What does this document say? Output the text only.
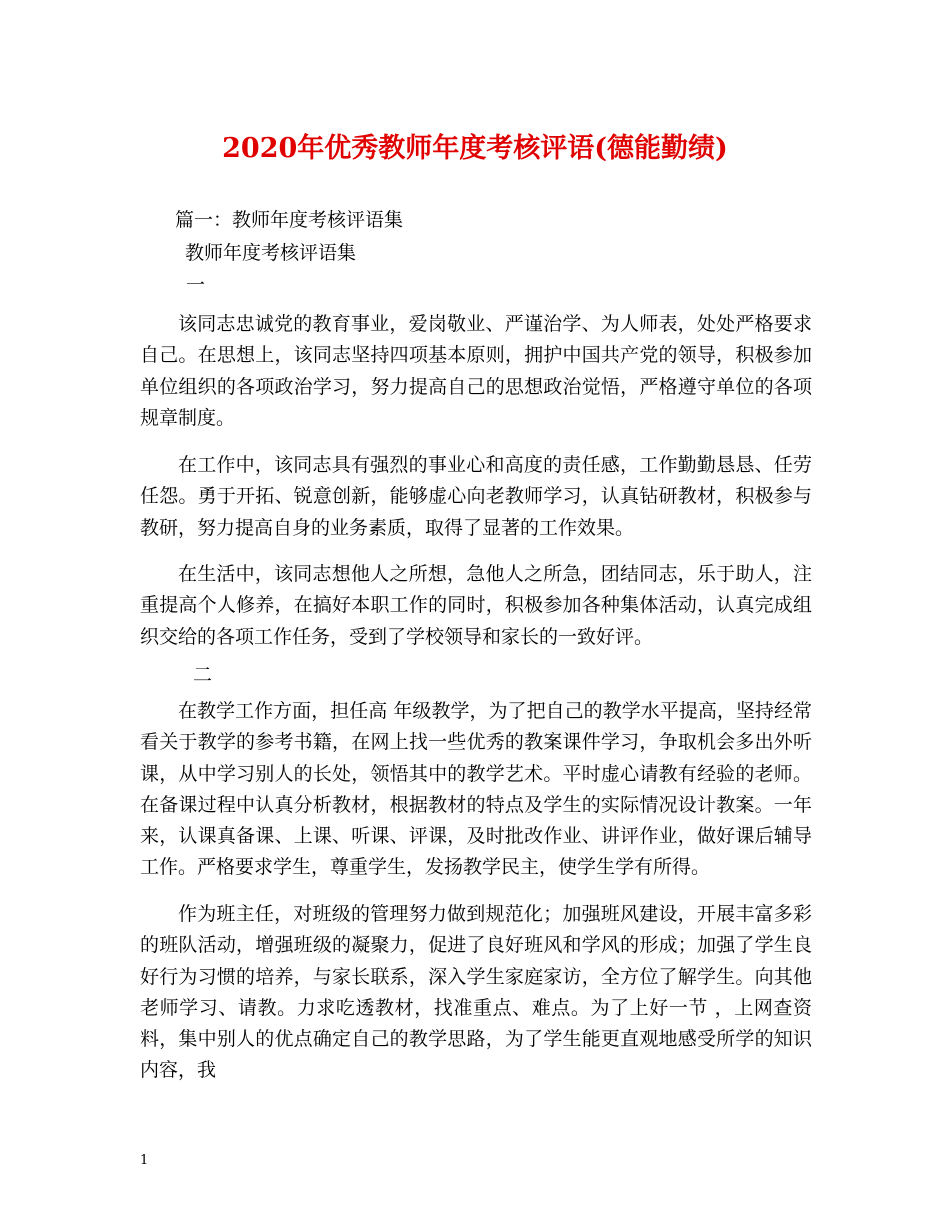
2020年优秀教师年度考核评语(德能勤绩)
篇一：教师年度考核评语集
教师年度考核评语集
一

该同志忠诚党的教育事业，爱岗敬业、严谨治学、为人师表，处处严格要求自己。在思想上，该同志坚持四项基本原则，拥护中国共产党的领导，积极参加单位组织的各项政治学习，努力提高自己的思想政治觉悟，严格遵守单位的各项规章制度。

在工作中，该同志具有强烈的事业心和高度的责任感，工作勤勤恳恳、任劳任怨。勇于开拓、锐意创新，能够虚心向老教师学习，认真钻研教材，积极参与教研，努力提高自身的业务素质，取得了显著的工作效果。

在生活中，该同志想他人之所想，急他人之所急，团结同志，乐于助人，注重提高个人修养，在搞好本职工作的同时，积极参加各种集体活动，认真完成组织交给的各项工作任务，受到了学校领导和家长的一致好评。

二

在教学工作方面，担任高 年级教学，为了把自己的教学水平提高，坚持经常看关于教学的参考书籍，在网上找一些优秀的教案课件学习，争取机会多出外听课，从中学习别人的长处，领悟其中的教学艺术。平时虚心请教有经验的老师。在备课过程中认真分析教材，根据教材的特点及学生的实际情况设计教案。一年来，认课真备课、上课、听课、评课，及时批改作业、讲评作业，做好课后辅导工作。严格要求学生，尊重学生，发扬教学民主，使学生学有所得。

作为班主任，对班级的管理努力做到规范化；加强班风建设，开展丰富多彩的班队活动，增强班级的凝聚力，促进了良好班风和学风的形成；加强了学生良好行为习惯的培养，与家长联系，深入学生家庭家访，全方位了解学生。向其他老师学习、请教。力求吃透教材，找准重点、难点。为了上好一节 ，上网查资料，集中别人的优点确定自己的教学思路，为了学生能更直观地感受所学的知识内容，我

1
